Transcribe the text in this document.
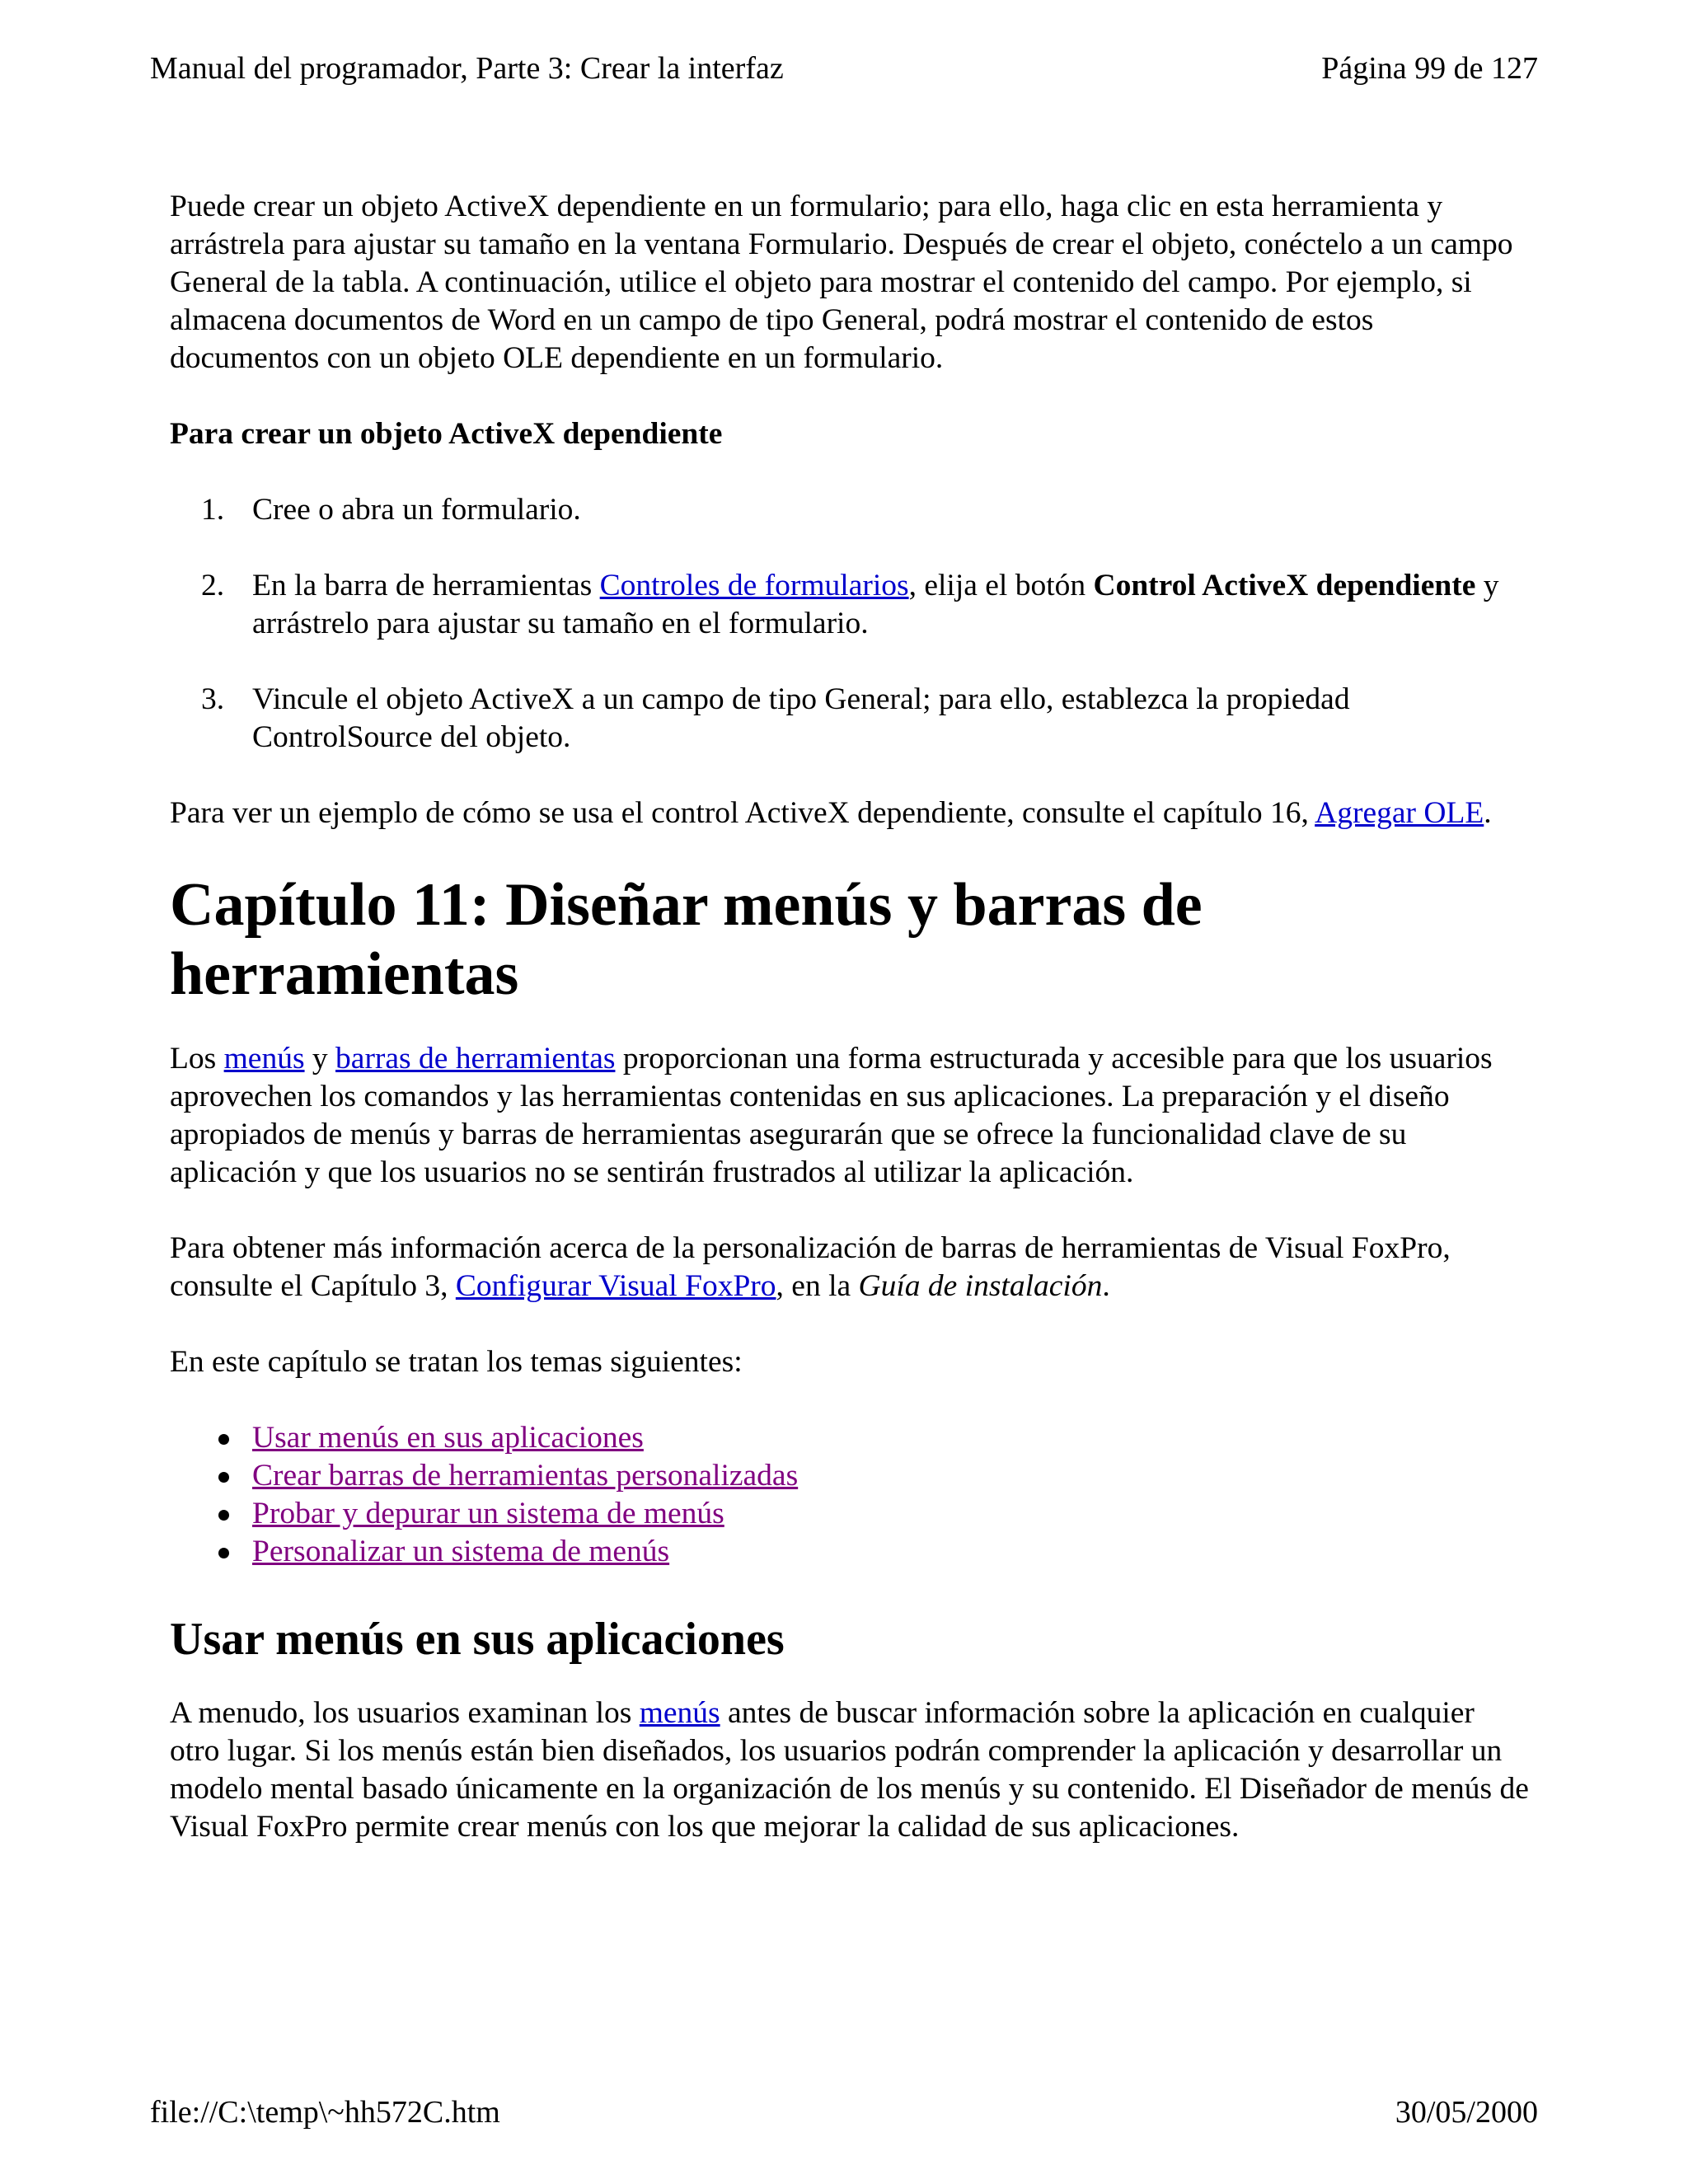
Manual del programador, Parte 3: Crear la interfaz	Página 99 de 127

Puede crear un objeto ActiveX dependiente en un formulario; para ello, haga clic en esta herramienta y arrástrela para ajustar su tamaño en la ventana Formulario. Después de crear el objeto, conéctelo a un campo General de la tabla. A continuación, utilice el objeto para mostrar el contenido del campo. Por ejemplo, si almacena documentos de Word en un campo de tipo General, podrá mostrar el contenido de estos documentos con un objeto OLE dependiente en un formulario.

Para crear un objeto ActiveX dependiente

1. Cree o abra un formulario.
2. En la barra de herramientas Controles de formularios, elija el botón Control ActiveX dependiente y arrástrelo para ajustar su tamaño en el formulario.
3. Vincule el objeto ActiveX a un campo de tipo General; para ello, establezca la propiedad ControlSource del objeto.

Para ver un ejemplo de cómo se usa el control ActiveX dependiente, consulte el capítulo 16, Agregar OLE.

Capítulo 11: Diseñar menús y barras de herramientas

Los menús y barras de herramientas proporcionan una forma estructurada y accesible para que los usuarios aprovechen los comandos y las herramientas contenidas en sus aplicaciones. La preparación y el diseño apropiados de menús y barras de herramientas asegurarán que se ofrece la funcionalidad clave de su aplicación y que los usuarios no se sentirán frustrados al utilizar la aplicación.

Para obtener más información acerca de la personalización de barras de herramientas de Visual FoxPro, consulte el Capítulo 3, Configurar Visual FoxPro, en la Guía de instalación.

En este capítulo se tratan los temas siguientes:

Usar menús en sus aplicaciones
Crear barras de herramientas personalizadas
Probar y depurar un sistema de menús
Personalizar un sistema de menús
Usar menús en sus aplicaciones

A menudo, los usuarios examinan los menús antes de buscar información sobre la aplicación en cualquier otro lugar. Si los menús están bien diseñados, los usuarios podrán comprender la aplicación y desarrollar un modelo mental basado únicamente en la organización de los menús y su contenido. El Diseñador de menús de Visual FoxPro permite crear menús con los que mejorar la calidad de sus aplicaciones.

file://C:\temp\~hh572C.htm	30/05/2000
